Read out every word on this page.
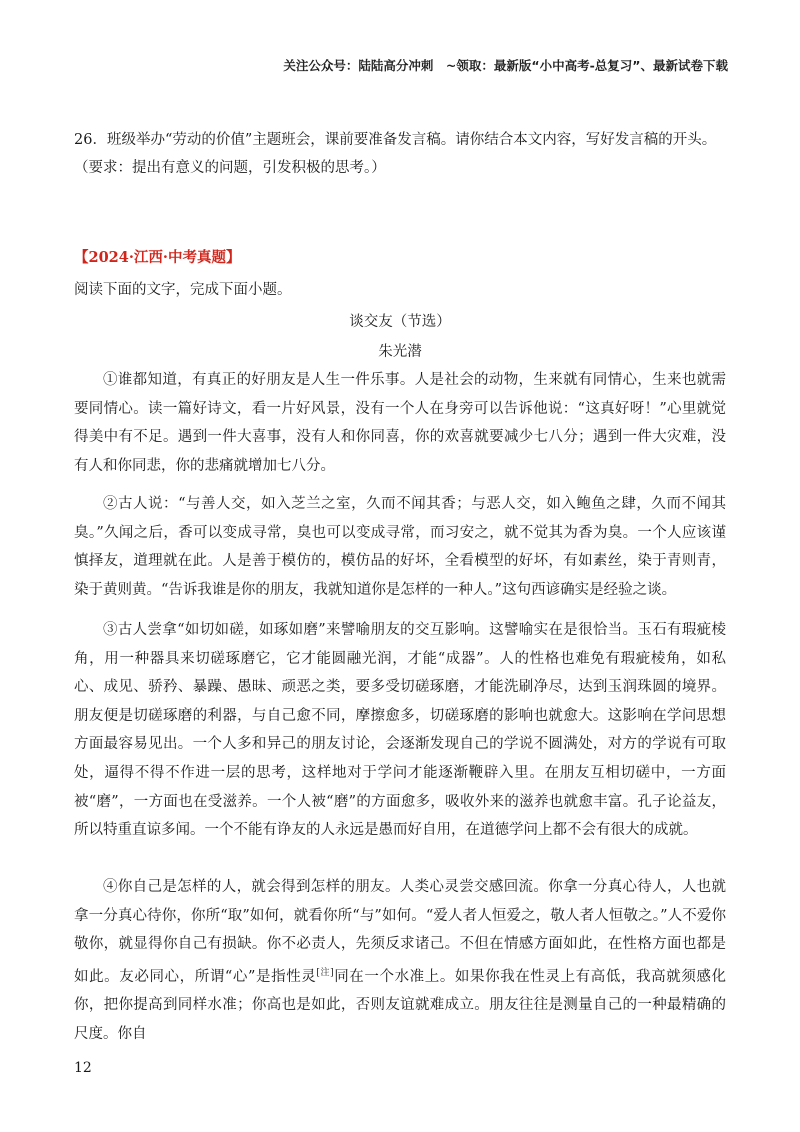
关注公众号：陆陆高分冲刺　~领取：最新版“小中高考-总复习”、最新试卷下载
26．班级举办“劳动的价值”主题班会，课前要准备发言稿。请你结合本文内容，写好发言稿的开头。
（要求：提出有意义的问题，引发积极的思考。）
【2024·江西·中考真题】
阅读下面的文字，完成下面小题。
谈交友（节选）
朱光潜
①谁都知道，有真正的好朋友是人生一件乐事。人是社会的动物，生来就有同情心，生来也就需要同情心。读一篇好诗文，看一片好风景，没有一个人在身旁可以告诉他说：“这真好呀！”心里就觉得美中有不足。遇到一件大喜事，没有人和你同喜，你的欢喜就要减少七八分；遇到一件大灾难，没有人和你同悲，你的悲痛就增加七八分。
②古人说：“与善人交，如入芝兰之室，久而不闻其香；与恶人交，如入鲍鱼之肆，久而不闻其臭。”久闻之后，香可以变成寻常，臭也可以变成寻常，而习安之，就不觉其为香为臭。一个人应该谨慎择友，道理就在此。人是善于模仿的，模仿品的好坏，全看模型的好坏，有如素丝，染于青则青，染于黄则黄。“告诉我谁是你的朋友，我就知道你是怎样的一种人。”这句西谚确实是经验之谈。
③古人尝拿“如切如磋，如琢如磨”来譬喻朋友的交互影响。这譬喻实在是很恰当。玉石有瑕疵棱角，用一种器具来切磋琢磨它，它才能圆融光润，才能“成器”。人的性格也难免有瑕疵棱角，如私心、成见、骄矜、暴躁、愚昧、顽恶之类，要多受切磋琢磨，才能洗刷净尽，达到玉润珠圆的境界。朋友便是切磋琢磨的利器，与自己愈不同，摩擦愈多，切磋琢磨的影响也就愈大。这影响在学问思想方面最容易见出。一个人多和异己的朋友讨论，会逐渐发现自己的学说不圆满处，对方的学说有可取处，逼得不得不作进一层的思考，这样地对于学问才能逐渐鞭辟入里。在朋友互相切磋中，一方面被“磨”，一方面也在受滋养。一个人被“磨”的方面愈多，吸收外来的滋养也就愈丰富。孔子论益友，所以特重直谅多闻。一个不能有诤友的人永远是愚而好自用，在道德学问上都不会有很大的成就。
④你自己是怎样的人，就会得到怎样的朋友。人类心灵尝交感回流。你拿一分真心待人，人也就拿一分真心待你，你所“取”如何，就看你所“与”如何。“爱人者人恒爱之，敬人者人恒敬之。”人不爱你敬你，就显得你自己有损缺。你不必责人，先须反求诸己。不但在情感方面如此，在性格方面也都是如此。友必同心，所谓“心”是指性灵[注]同在一个水准上。如果你我在性灵上有高低，我高就须感化你，把你提高到同样水准；你高也是如此，否则友谊就难成立。朋友往往是测量自己的一种最精确的尺度。你自
12
